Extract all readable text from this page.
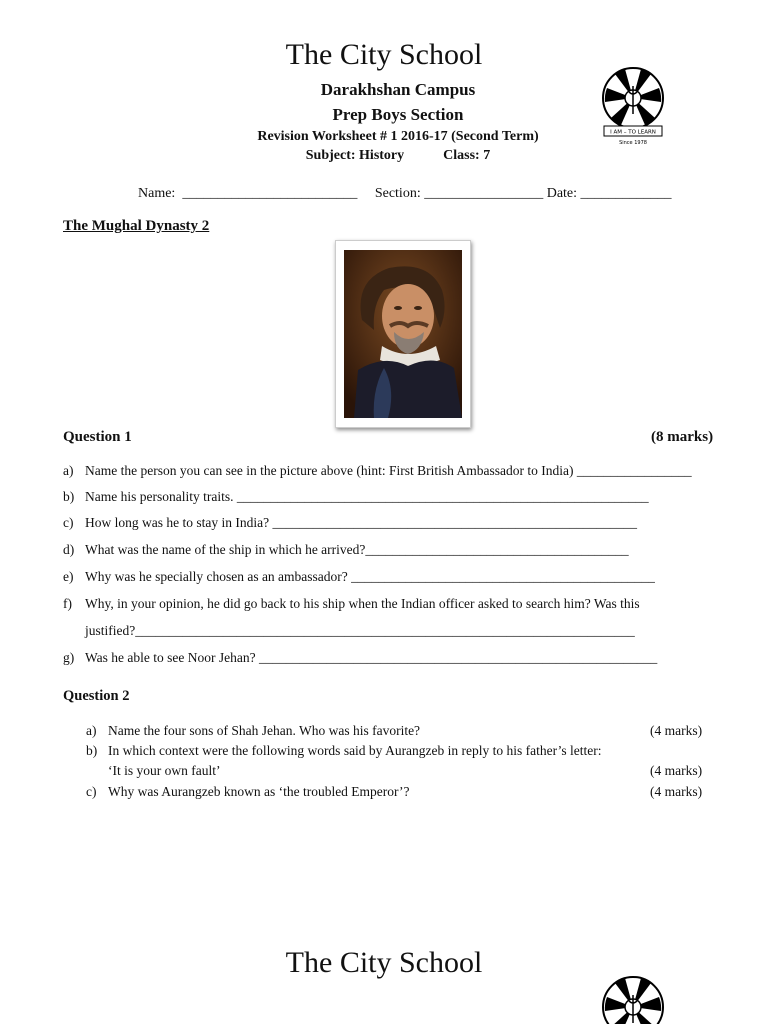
The City School
Darakhshan Campus
Prep Boys Section
Revision Worksheet # 1 2016-17 (Second Term)
Subject: History	Class: 7
I AM – TO LEARN
Since 1978
Name: _________________________ Section: _________________ Date: _____________
The Mughal Dynasty 2
Question 1	(8 marks)
a) Name the person you can see in the picture above (hint: First British Ambassador to India) _________________
b) Name his personality traits. _____________________________________________________________
c) How long was he to stay in India? ______________________________________________________
d) What was the name of the ship in which he arrived?_______________________________________
e) Why was he specially chosen as an ambassador? _____________________________________________
f) Why, in your opinion, he did go back to his ship when the Indian officer asked to search him? Was this
justified?__________________________________________________________________________
g) Was he able to see Noor Jehan? ___________________________________________________________
Question 2
a) Name the four sons of Shah Jehan. Who was his favorite?	(4 marks)
b) In which context were the following words said by Aurangzeb in reply to his father’s letter:
‘It is your own fault’	(4 marks)
c) Why was Aurangzeb known as ‘the troubled Emperor’?	(4 marks)
The City School
